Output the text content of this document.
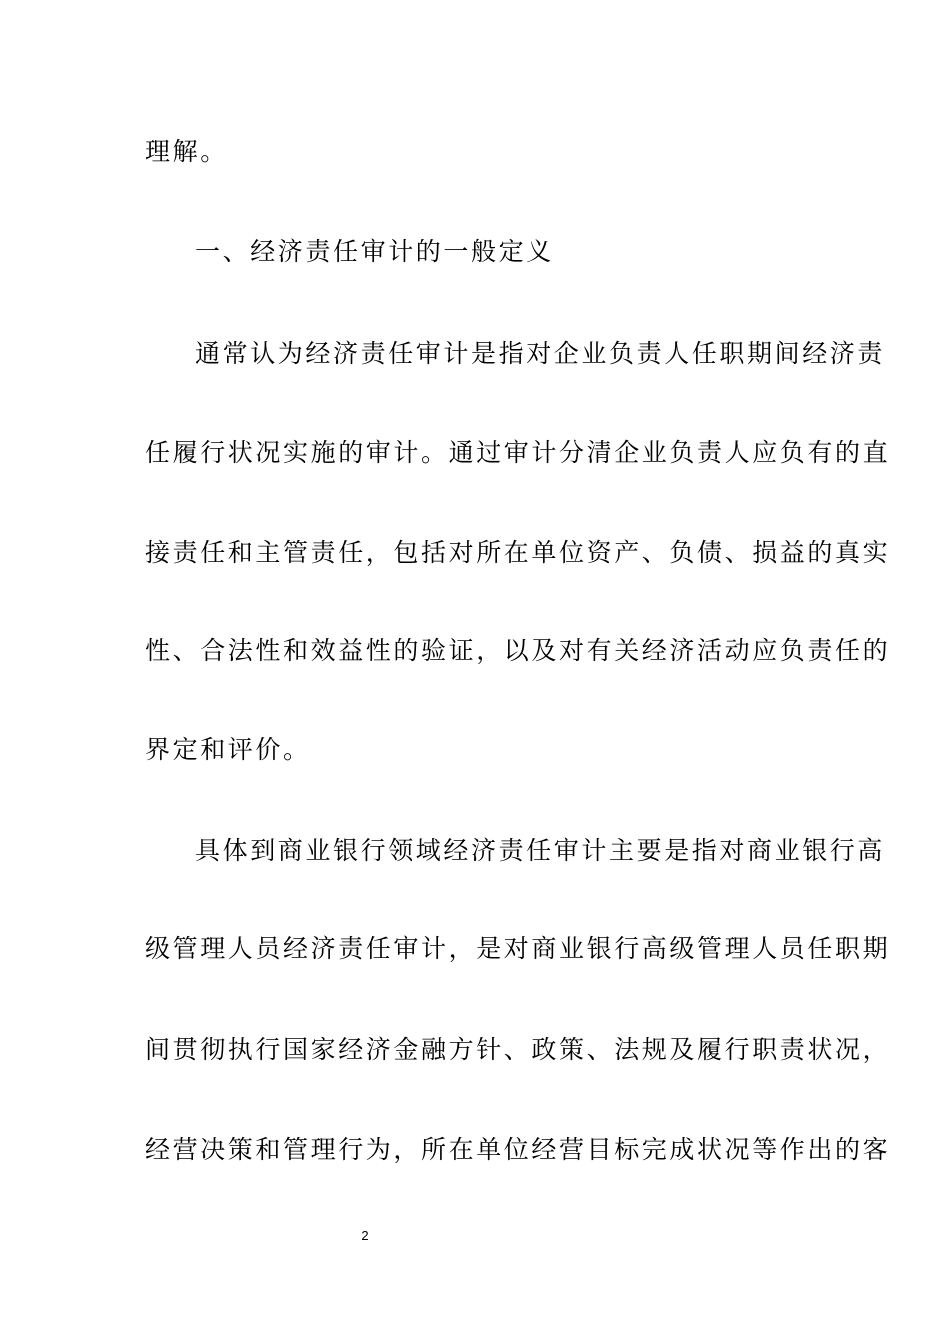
理解。
一、经济责任审计的一般定义
通常认为经济责任审计是指对企业负责人任职期间经济责
任履行状况实施的审计。通过审计分清企业负责人应负有的直
接责任和主管责任，包括对所在单位资产、负债、损益的真实
性、合法性和效益性的验证，以及对有关经济活动应负责任的
界定和评价。
具体到商业银行领域经济责任审计主要是指对商业银行高
级管理人员经济责任审计，是对商业银行高级管理人员任职期
间贯彻执行国家经济金融方针、政策、法规及履行职责状况，
经营决策和管理行为，所在单位经营目标完成状况等作出的客
2
